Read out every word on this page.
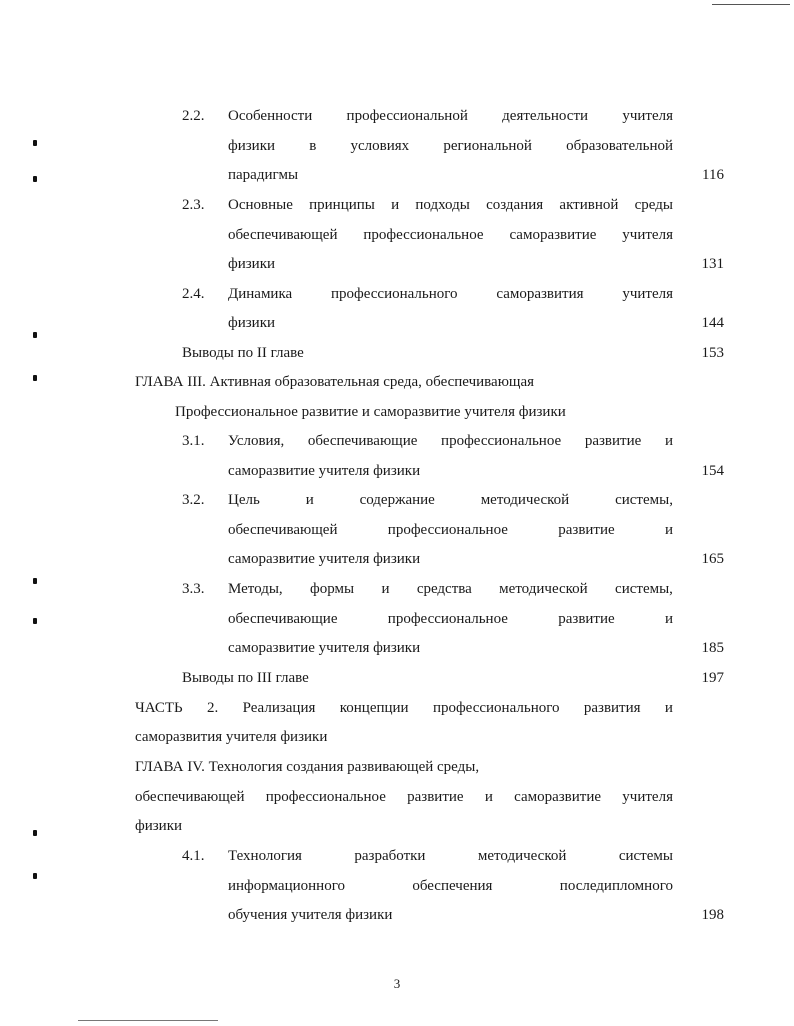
2.2. Особенности профессиональной деятельности учителя
физики в условиях региональной образовательной
парадигмы	116
2.3. Основные принципы и подходы создания активной среды
обеспечивающей профессиональное саморазвитие учителя
физики	131
2.4. Динамика	профессионального	саморазвития	учителя
физики	144
Выводы по II главе	153
ГЛАВА III. Активная образовательная среда, обеспечивающая
Профессиональное развитие и саморазвитие учителя физики
3.1. Условия, обеспечивающие профессиональное развитие и
саморазвитие учителя физики	154
3.2. Цель	и	содержание	методической	системы,
обеспечивающей	профессиональное	развитие	и
саморазвитие учителя физики	165
3.3. Методы, формы и средства методической системы,
обеспечивающие	профессиональное	развитие	и
саморазвитие учителя физики	185
Выводы по III главе	197
ЧАСТЬ 2. Реализация концепции профессионального развития и
саморазвития учителя физики
ГЛАВА IV. Технология создания развивающей среды,
обеспечивающей профессиональное развитие и саморазвитие учителя
физики
4.1. Технология	разработки	методической	системы
информационного	обеспечения	последипломного
обучения учителя физики	198
3
